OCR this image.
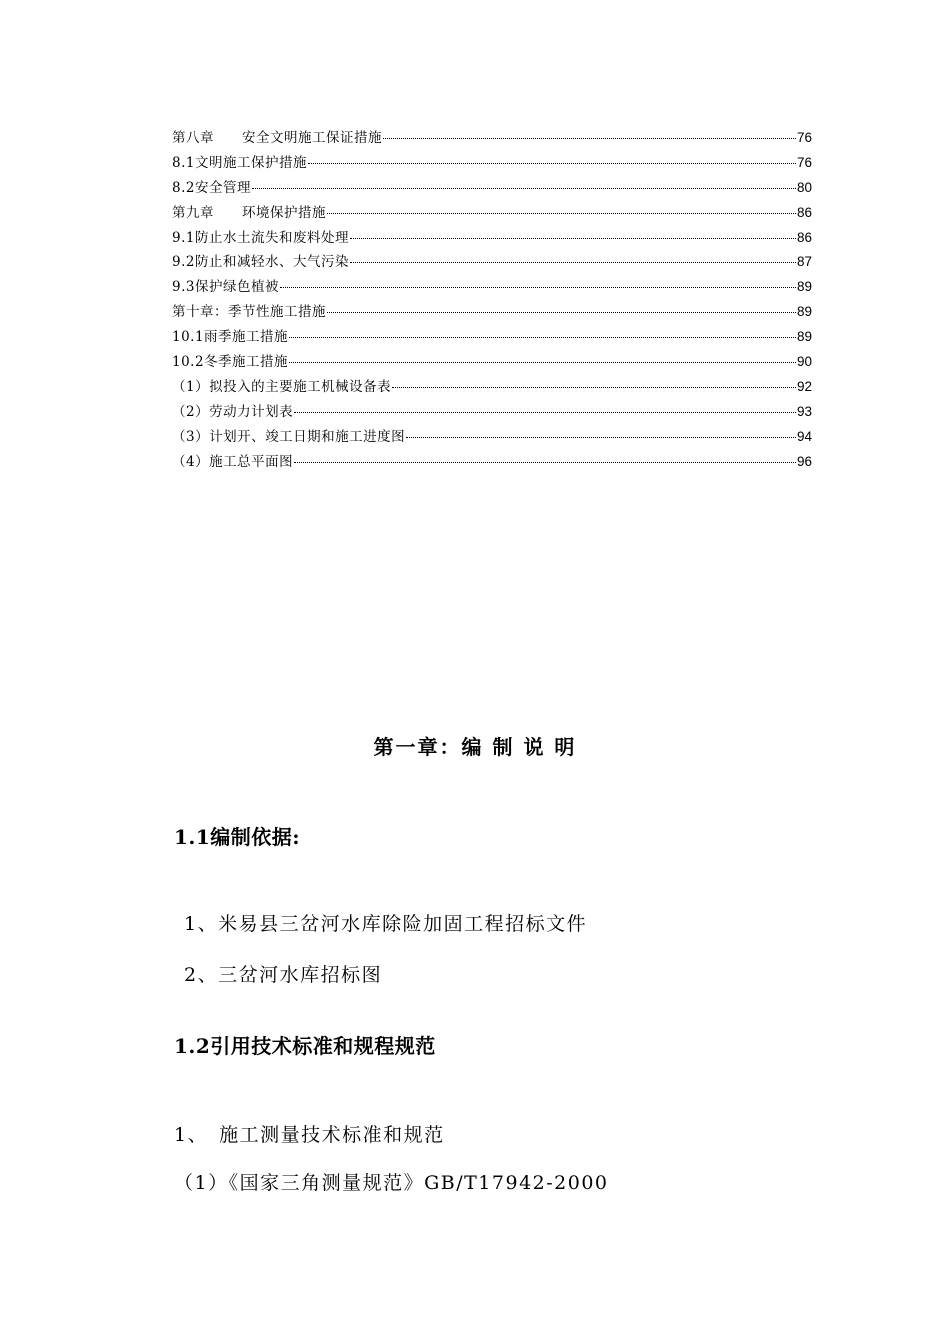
第八章　　安全文明施工保证措施	76
8.1文明施工保护措施	76
8.2安全管理	80
第九章　　环境保护措施	86
9.1防止水土流失和废料处理	86
9.2防止和减轻水、大气污染	87
9.3保护绿色植被	89
第十章：季节性施工措施	89
10.1雨季施工措施	89
10.2冬季施工措施	90
（1）拟投入的主要施工机械设备表	92
（2）劳动力计划表	93
（3）计划开、竣工日期和施工进度图	94
（4）施工总平面图	96
第一章：编 制 说 明
1.1编制依据:
1、米易县三岔河水库除险加固工程招标文件
2、三岔河水库招标图
1.2引用技术标准和规程规范
1、　施工测量技术标准和规范
（1）《国家三角测量规范》GB/T17942-2000
